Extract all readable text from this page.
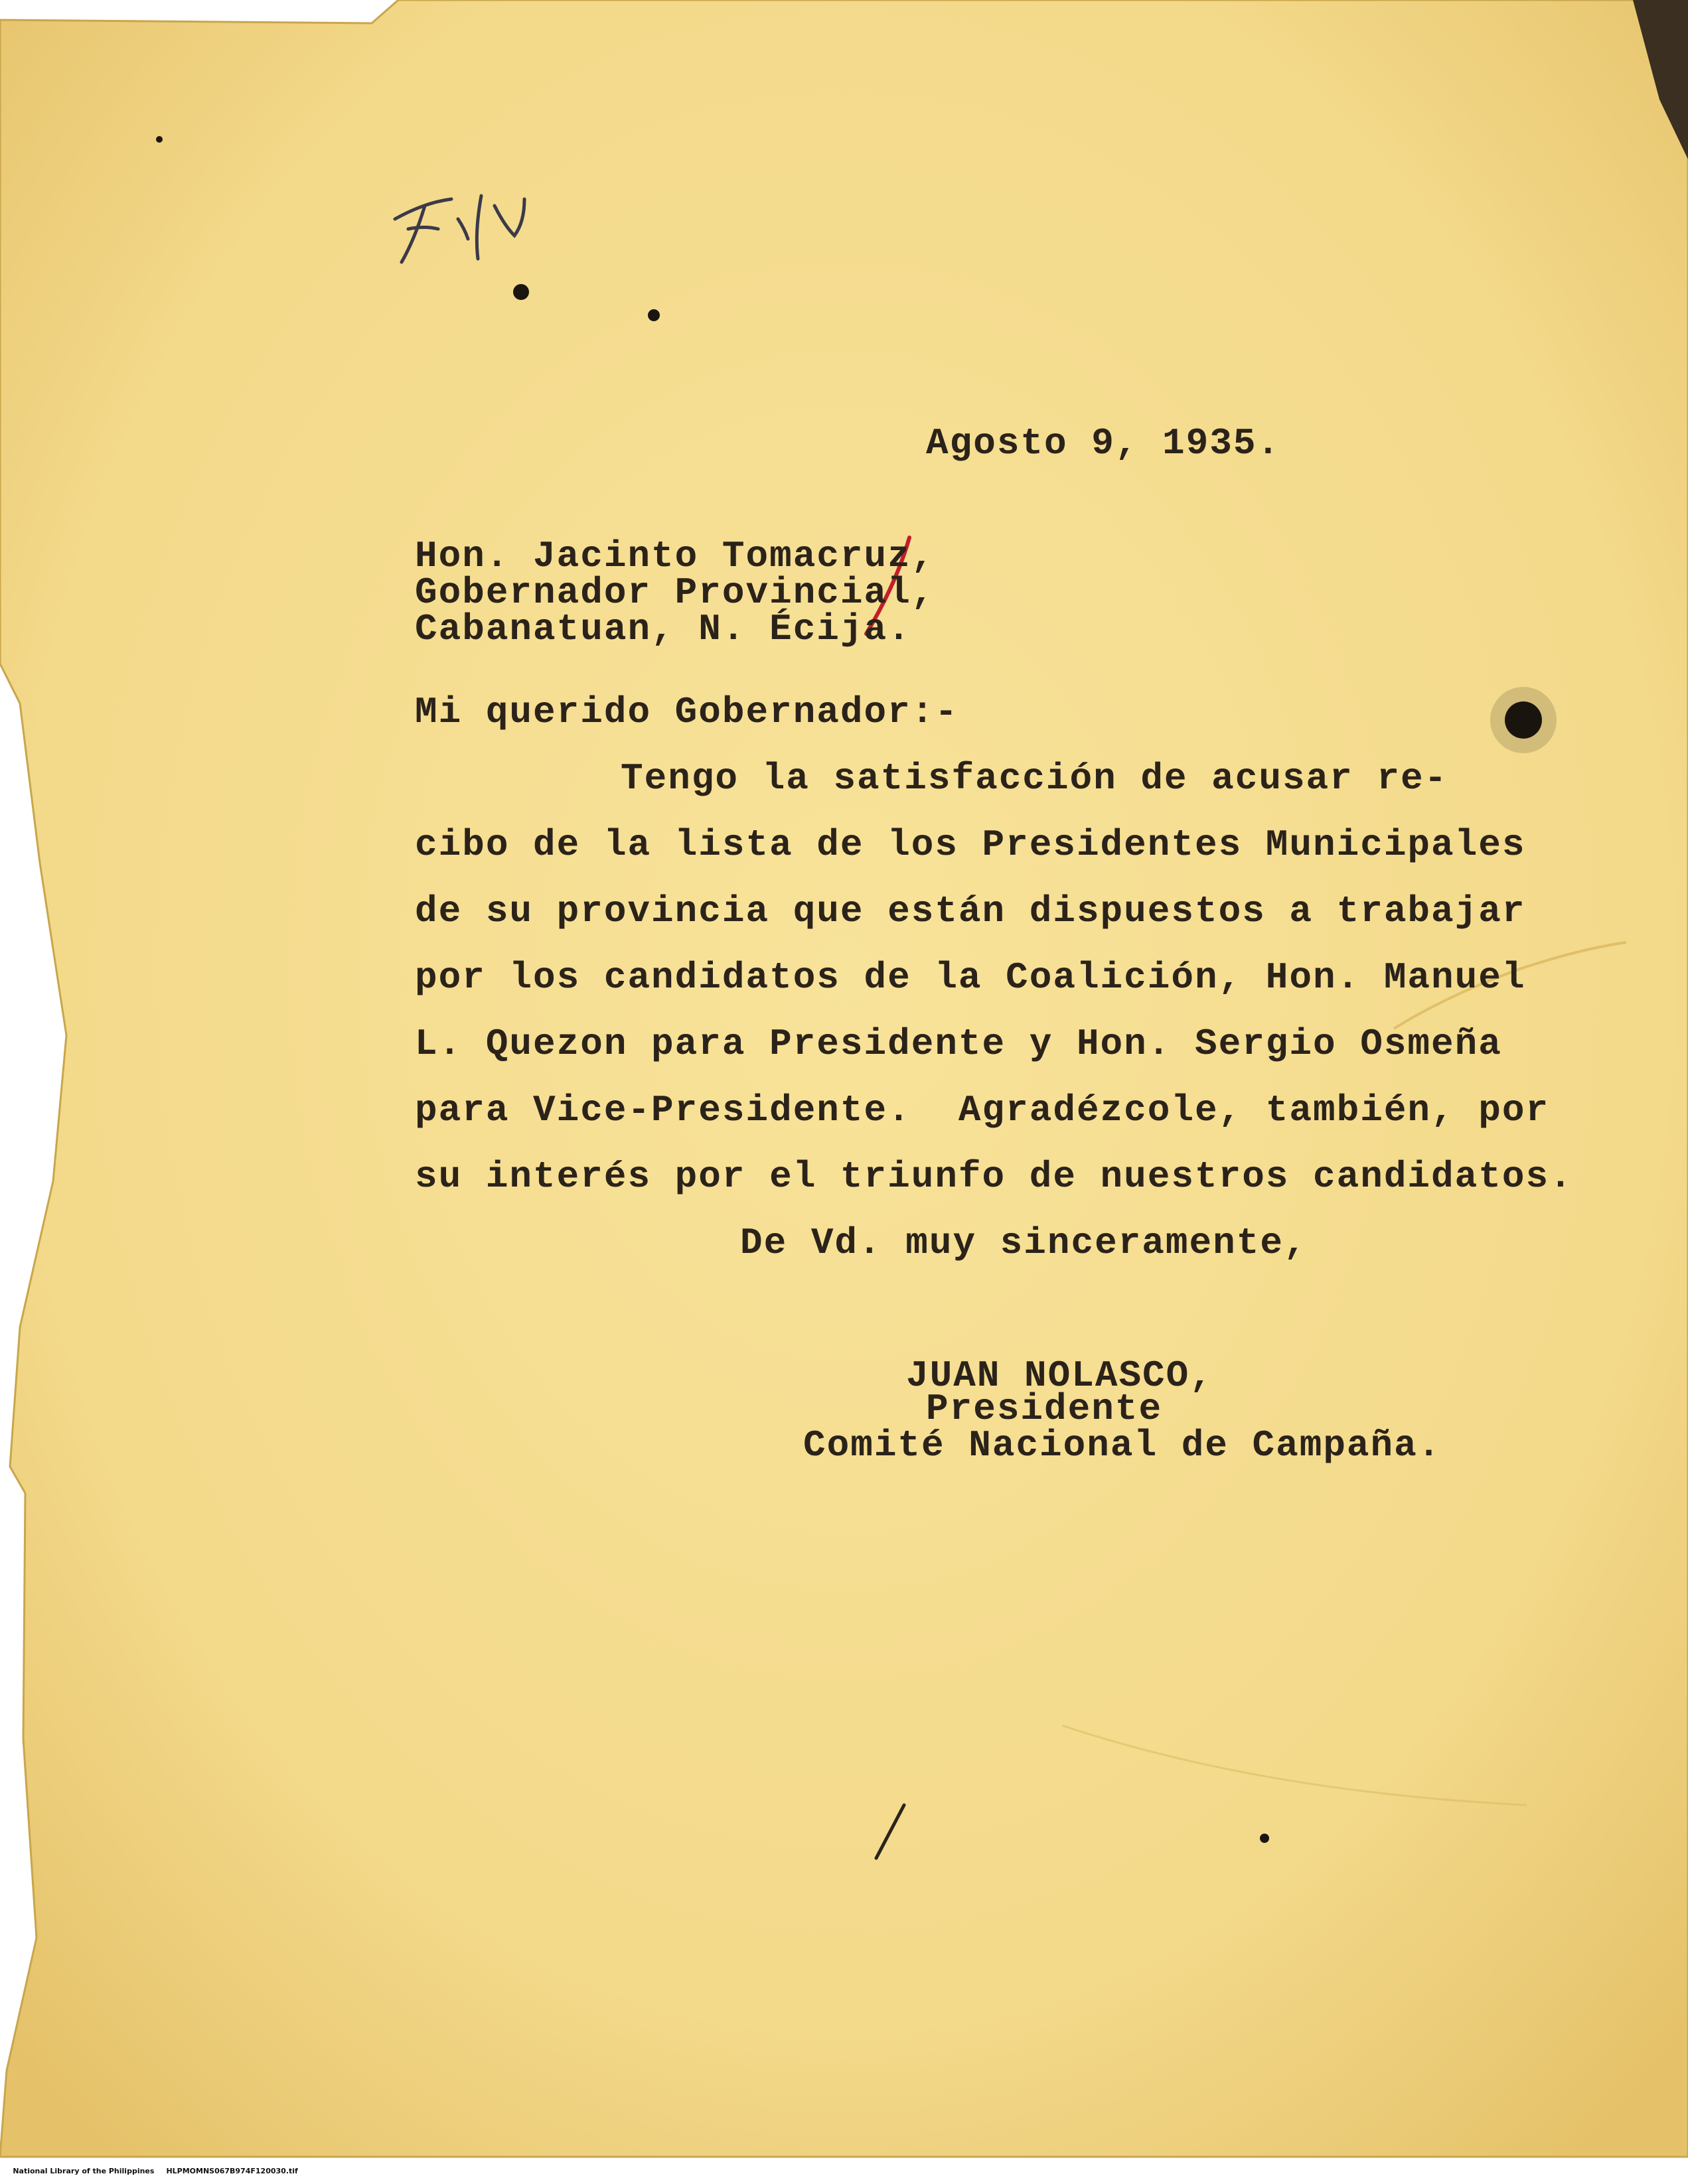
Agosto 9, 1935.
Hon. Jacinto Tomacruz,
Gobernador Provincial,
Cabanatuan, N. Écija.
Mi querido Gobernador:-
Tengo la satisfacción de acusar re-
cibo de la lista de los Presidentes Municipales
de su provincia que están dispuestos a trabajar
por los candidatos de la Coalición, Hon. Manuel
L. Quezon para Presidente y Hon. Sergio Osmeña
para Vice-Presidente.  Agradézcole, también, por
su interés por el triunfo de nuestros candidatos.
De Vd. muy sinceramente,
JUAN NOLASCO,
Presidente
Comité Nacional de Campaña.

National Library of the Philippines HLPMOMNS067B974F120030.tif
